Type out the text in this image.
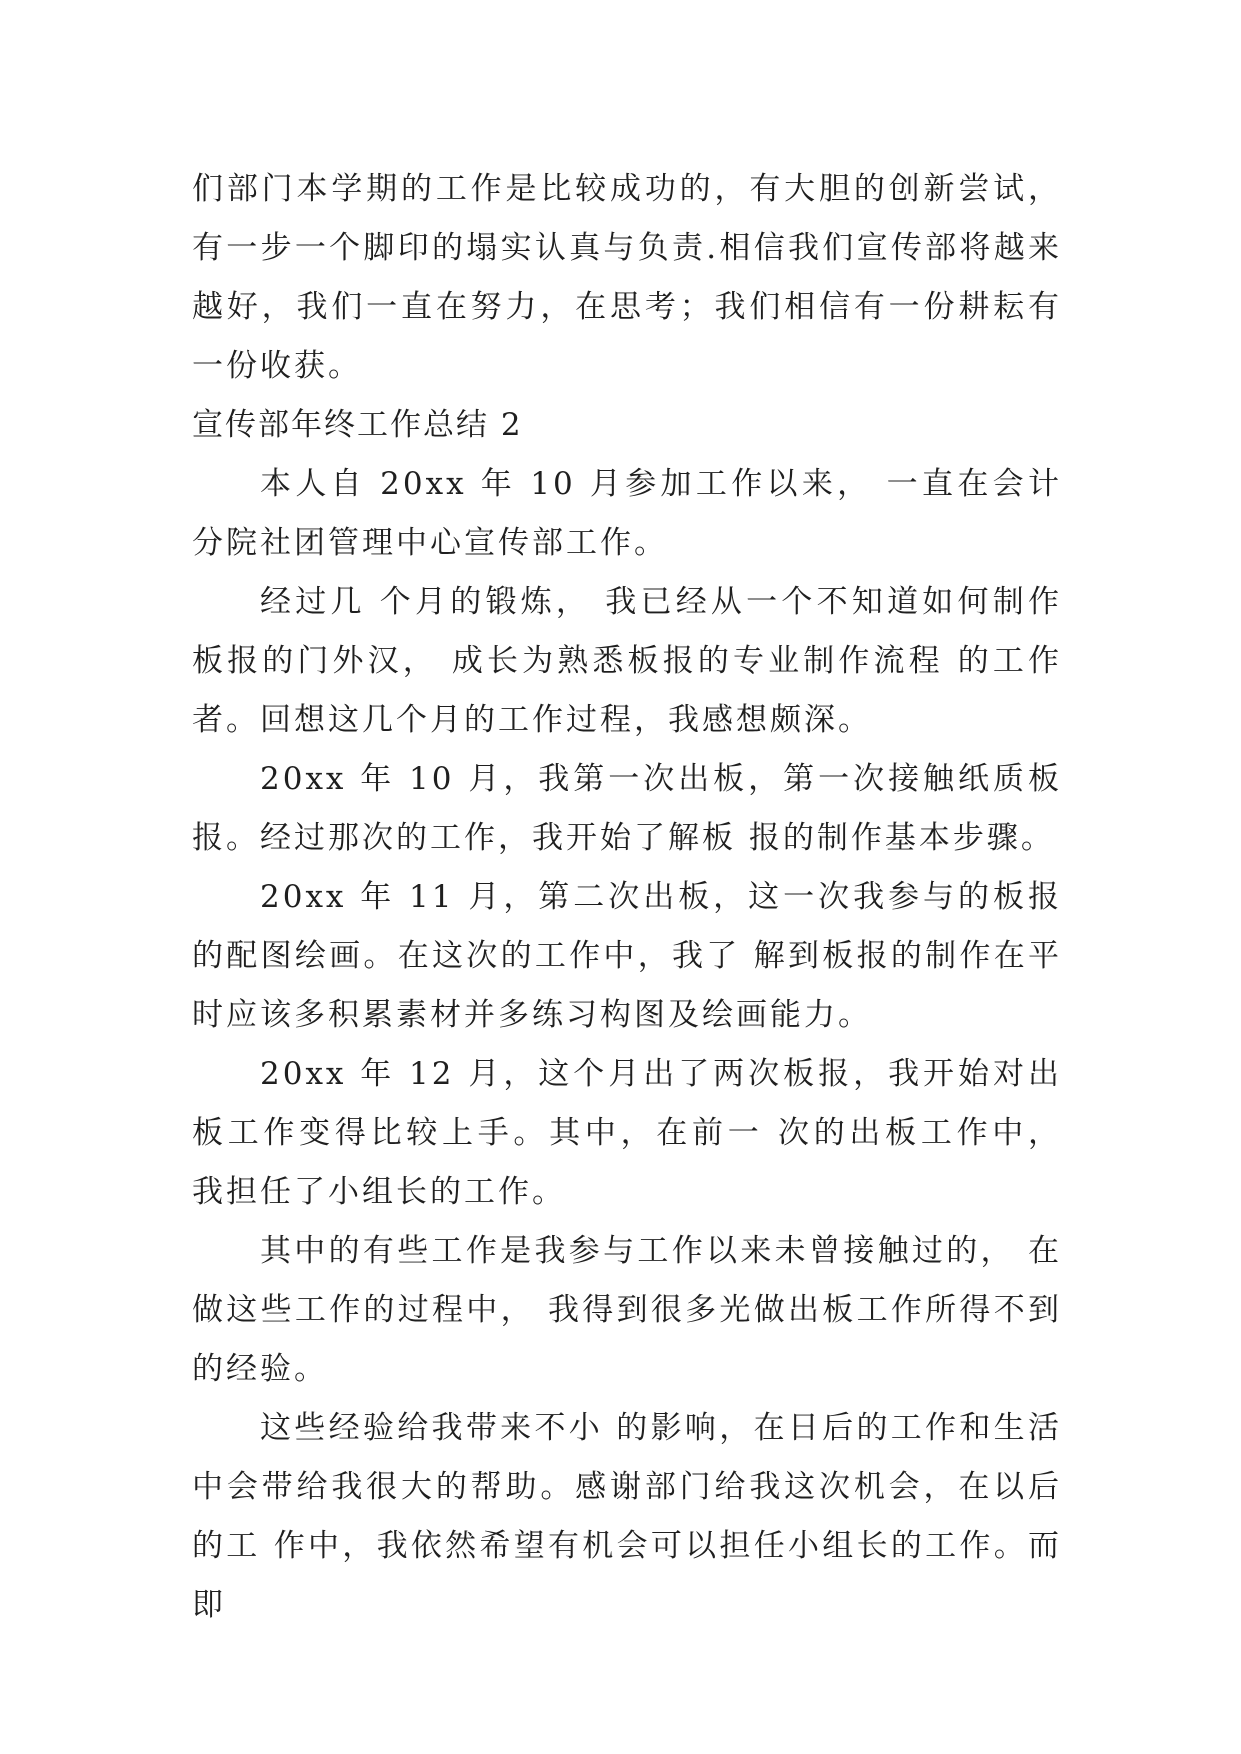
们部门本学期的工作是比较成功的，有大胆的创新尝试，有一步一个脚印的塌实认真与负责.相信我们宣传部将越来越好，我们一直在努力，在思考；我们相信有一份耕耘有一份收获。

宣传部年终工作总结 2

本人自 20xx 年 10 月参加工作以来， 一直在会计分院社团管理中心宣传部工作。

经过几 个月的锻炼， 我已经从一个不知道如何制作板报的门外汉， 成长为熟悉板报的专业制作流程 的工作者。回想这几个月的工作过程，我感想颇深。

20xx 年 10 月，我第一次出板，第一次接触纸质板报。经过那次的工作，我开始了解板 报的制作基本步骤。

20xx 年 11 月，第二次出板，这一次我参与的板报的配图绘画。在这次的工作中，我了 解到板报的制作在平时应该多积累素材并多练习构图及绘画能力。

20xx 年 12 月，这个月出了两次板报，我开始对出板工作变得比较上手。其中，在前一 次的出板工作中， 我担任了小组长的工作。

其中的有些工作是我参与工作以来未曾接触过的， 在做这些工作的过程中， 我得到很多光做出板工作所得不到的经验。

这些经验给我带来不小 的影响，在日后的工作和生活中会带给我很大的帮助。感谢部门给我这次机会，在以后的工 作中，我依然希望有机会可以担任小组长的工作。而即
